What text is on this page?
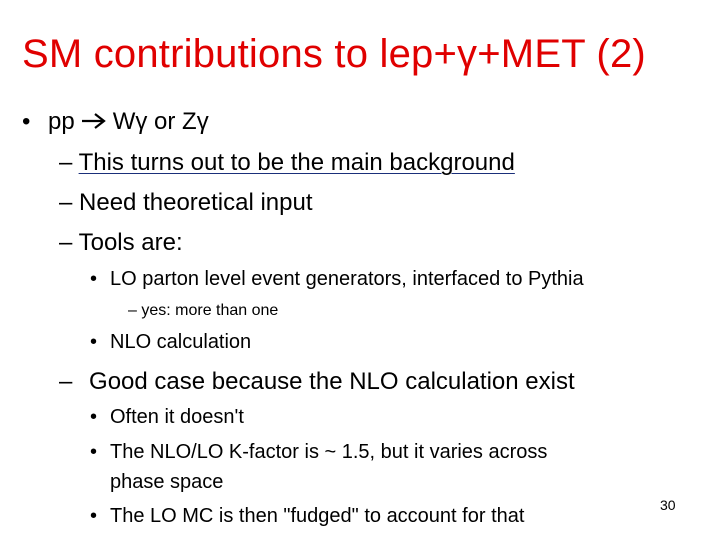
SM contributions to lep+γ+MET (2)
• pp Wγ or Zγ
– This turns out to be the main background
– Need theoretical input
– Tools are:
• LO parton level event generators, interfaced to Pythia
– yes: more than one
• NLO calculation
– Good case because the NLO calculation exist
• Often it doesn't
• The NLO/LO K-factor is ~ 1.5, but it varies across
phase space
• The LO MC is then "fudged" to account for that	30
